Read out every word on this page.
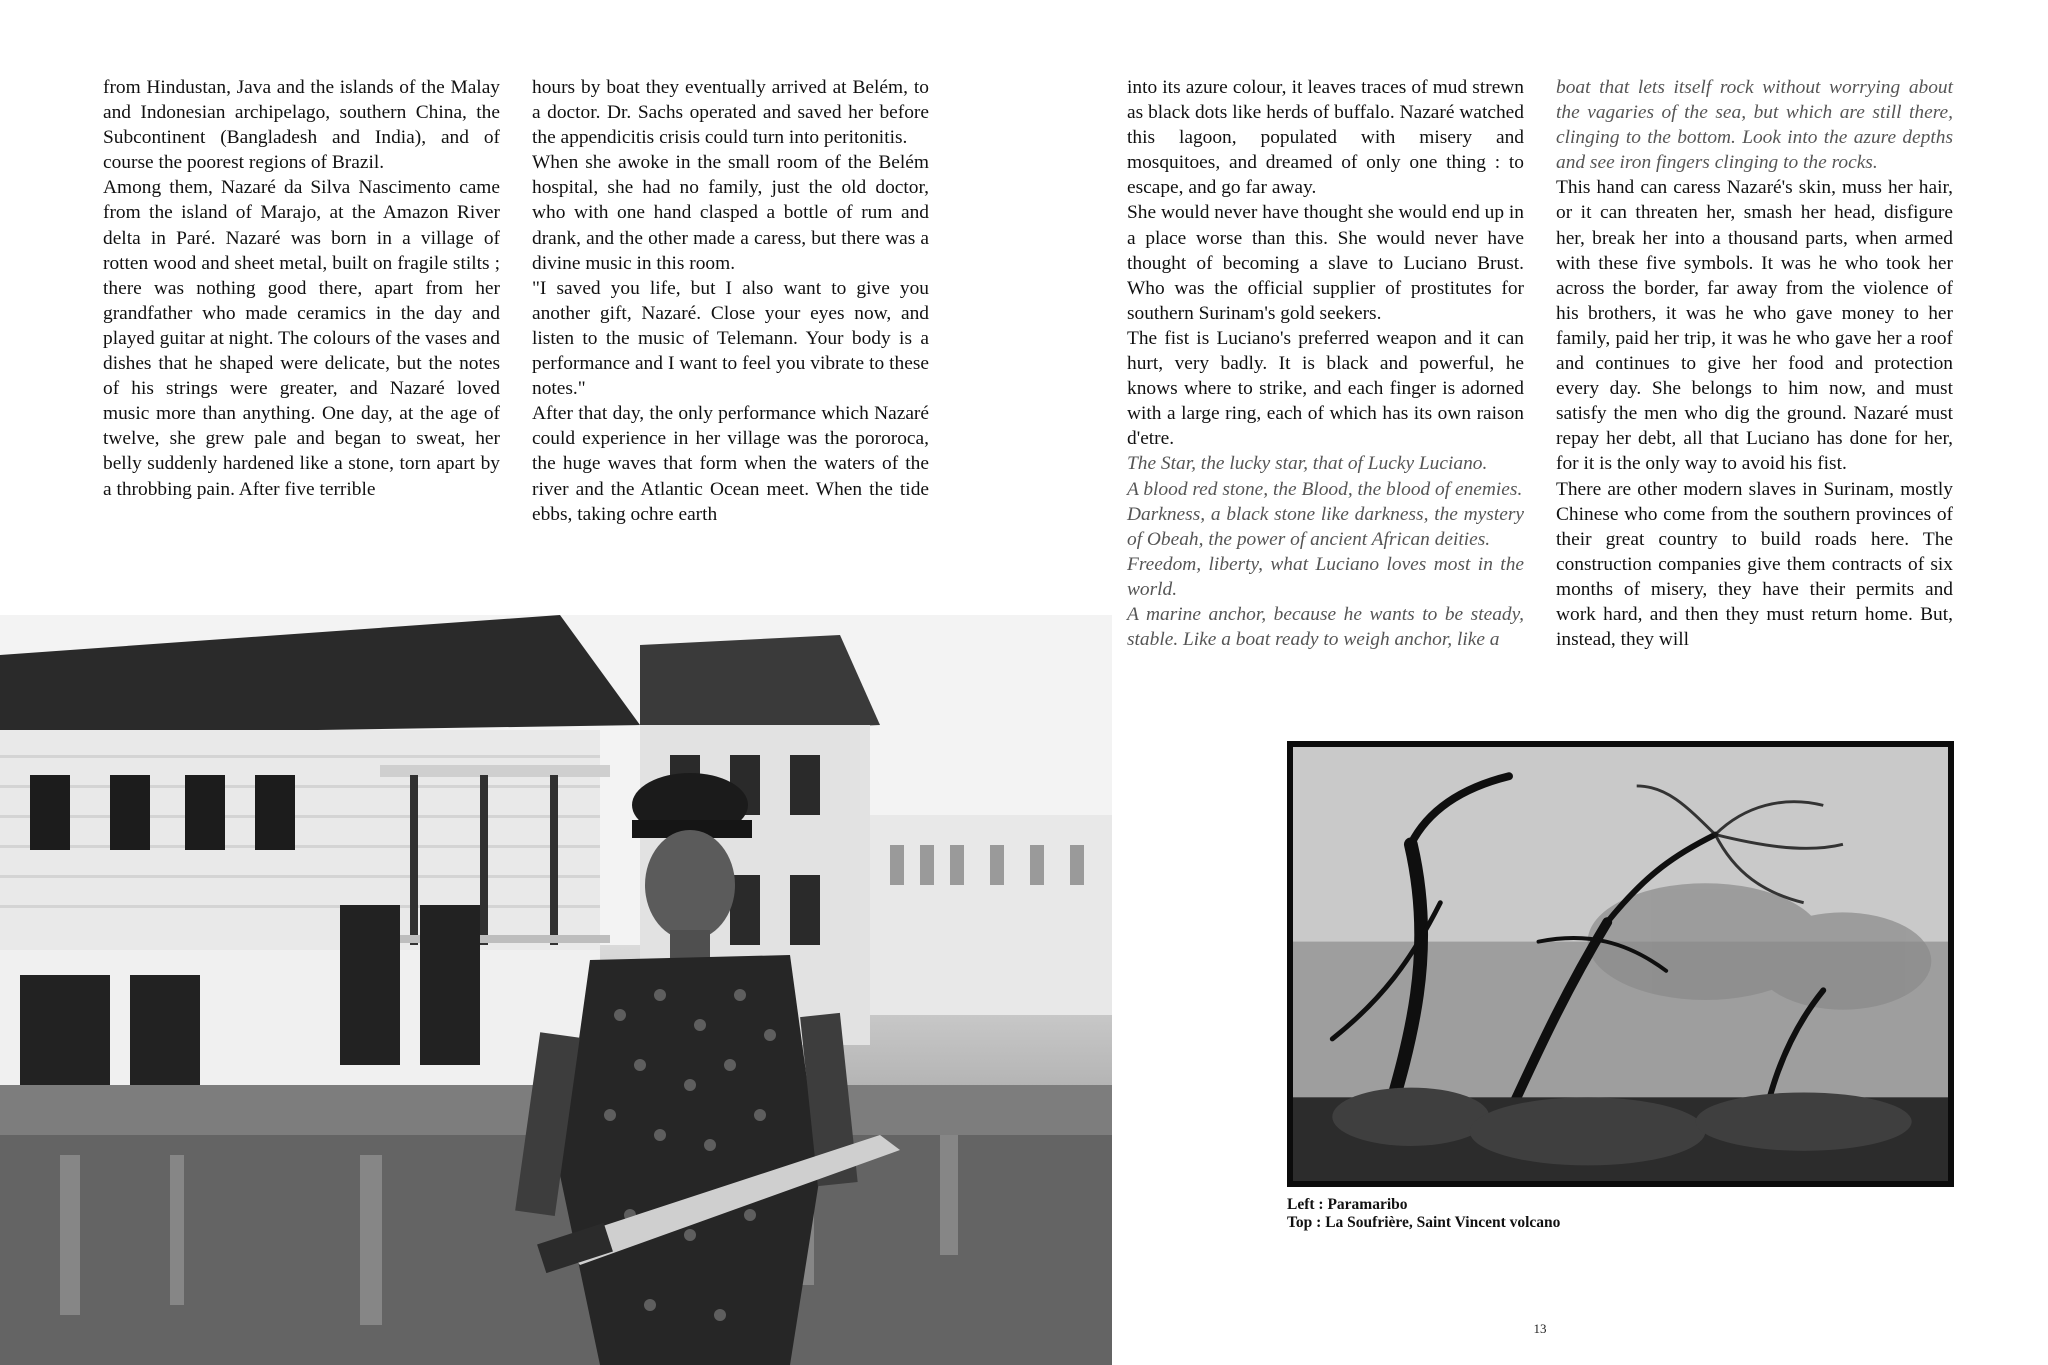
from Hindustan, Java and the islands of the Malay and Indonesian archipelago, southern China, the Subcontinent (Bangladesh and India), and of course the poorest regions of Brazil.

Among them, Nazaré da Silva Nascimento came from the island of Marajo, at the Amazon River delta in Paré. Nazaré was born in a village of rotten wood and sheet metal, built on fragile stilts ; there was nothing good there, apart from her grandfather who made ceramics in the day and played guitar at night. The colours of the vases and dishes that he shaped were delicate, but the notes of his strings were greater, and Nazaré loved music more than anything. One day, at the age of twelve, she grew pale and began to sweat, her belly suddenly hardened like a stone, torn apart by a throbbing pain. After five terrible

hours by boat they eventually arrived at Belém, to a doctor. Dr. Sachs operated and saved her before the appendicitis crisis could turn into peritonitis.

When she awoke in the small room of the Belém hospital, she had no family, just the old doctor, who with one hand clasped a bottle of rum and drank, and the other made a caress, but there was a divine music in this room.

"I saved you life, but I also want to give you another gift, Nazaré. Close your eyes now, and listen to the music of Telemann. Your body is a performance and I want to feel you vibrate to these notes."

After that day, the only performance which Nazaré could experience in her village was the pororoca, the huge waves that form when the waters of the river and the Atlantic Ocean meet. When the tide ebbs, taking ochre earth

into its azure colour, it leaves traces of mud strewn as black dots like herds of buffalo. Nazaré watched this lagoon, populated with misery and mosquitoes, and dreamed of only one thing : to escape, and go far away.

She would never have thought she would end up in a place worse than this. She would never have thought of becoming a slave to Luciano Brust. Who was the official supplier of prostitutes for southern Surinam's gold seekers.

The fist is Luciano's preferred weapon and it can hurt, very badly. It is black and powerful, he knows where to strike, and each finger is adorned with a large ring, each of which has its own raison d'etre.

The Star, the lucky star, that of Lucky Luciano.

A blood red stone, the Blood, the blood of enemies.

Darkness, a black stone like darkness, the mystery of Obeah, the power of ancient African deities.

Freedom, liberty, what Luciano loves most in the world.

A marine anchor, because he wants to be steady, stable. Like a boat ready to weigh anchor, like a

boat that lets itself rock without worrying about the vagaries of the sea, but which are still there, clinging to the bottom. Look into the azure depths and see iron fingers clinging to the rocks.

This hand can caress Nazaré's skin, muss her hair, or it can threaten her, smash her head, disfigure her, break her into a thousand parts, when armed with these five symbols. It was he who took her across the border, far away from the violence of his brothers, it was he who gave money to her family, paid her trip, it was he who gave her a roof and continues to give her food and protection every day. She belongs to him now, and must satisfy the men who dig the ground. Nazaré must repay her debt, all that Luciano has done for her, for it is the only way to avoid his fist.

There are other modern slaves in Surinam, mostly Chinese who come from the southern provinces of their great country to build roads here. The construction companies give them contracts of six months of misery, they have their permits and work hard, and then they must return home. But, instead, they will

Left : Paramaribo
Top : La Soufrière, Saint Vincent volcano
13
